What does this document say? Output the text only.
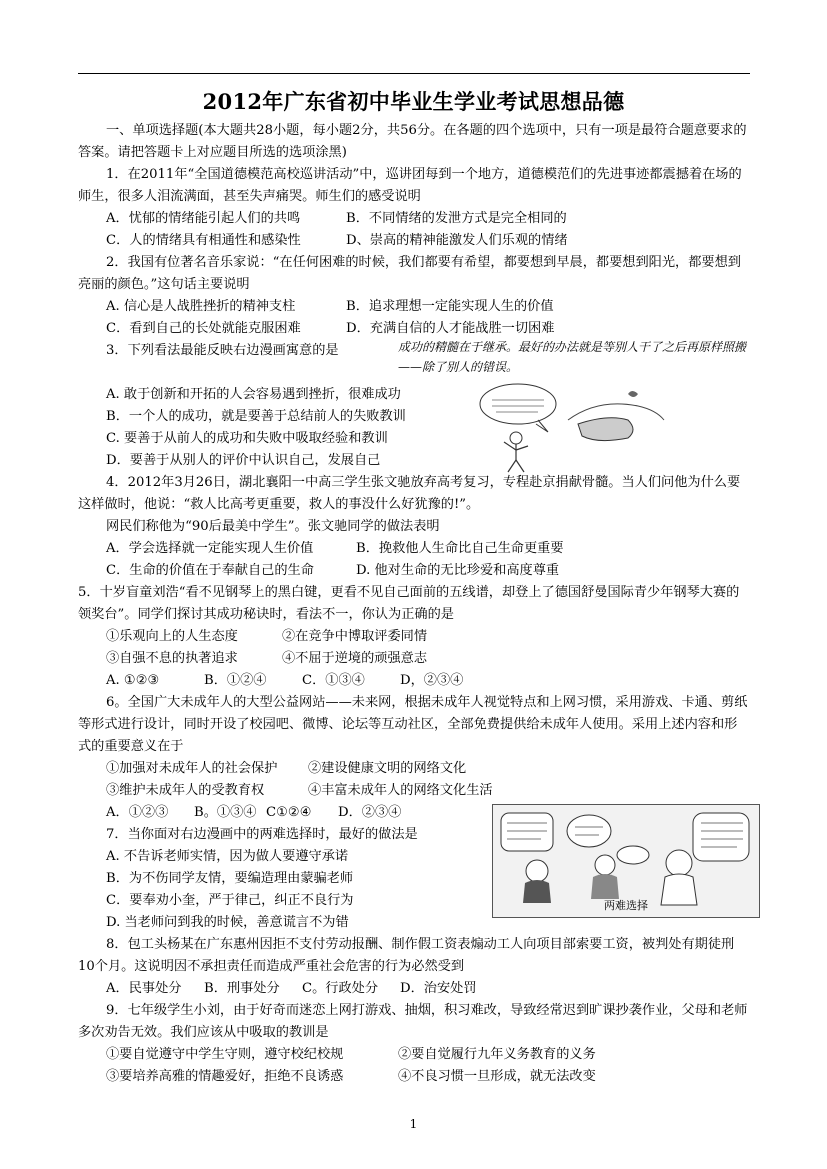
2012年广东省初中毕业生学业考试思想品德

一、单项选择题(本大题共28小题，每小题2分，共56分。在各题的四个选项中，只有一项是最符合题意要求的答案。请把答题卡上对应题目所选的选项涂黑)

1．在2011年“全国道德模范高校巡讲活动”中，巡讲团每到一个地方，道德模范们的先进事迹都震撼着在场的师生，很多人泪流满面，甚至失声痛哭。师生们的感受说明

A．忧郁的情绪能引起人们的共鸣	B．不同情绪的发泄方式是完全相同的
C．人的情绪具有相通性和感染性	D、崇高的精神能激发人们乐观的情绪

2．我国有位著名音乐家说：“在任何困难的时候，我们都要有希望，都要想到早晨，都要想到阳光，都要想到亮丽的颜色。”这句话主要说明

A. 信心是人战胜挫折的精神支柱	B．追求理想一定能实现人生的价值
C．看到自己的长处就能克服困难	D．充满自信的人才能战胜一切困难

3．下列看法最能反映右边漫画寓意的是

A. 敢于创新和开拓的人会容易遇到挫折，很难成功
B．一个人的成功，就是要善于总结前人的失败教训
C. 要善于从前人的成功和失败中吸取经验和教训
D．要善于从别人的评价中认识自己，发展自己

4．2012年3月26日，湖北襄阳一中高三学生张文驰放弃高考复习，专程赴京捐献骨髓。当人们问他为什么要这样做时，他说：“救人比高考更重要，救人的事没什么好犹豫的!”。

网民们称他为“90后最美中学生”。张文驰同学的做法表明

A．学会选择就一定能实现人生价值	B．挽救他人生命比自己生命更重要
C．生命的价值在于奉献自己的生命	D. 他对生命的无比珍爱和高度尊重

5．十岁盲童刘浩“看不见钢琴上的黑白键，更看不见自己面前的五线谱，却登上了德国舒曼国际青少年钢琴大赛的领奖台”。同学们探讨其成功秘诀时，看法不一，你认为正确的是

①乐观向上的人生态度	②在竞争中博取评委同情
③自强不息的执著追求	④不屈于逆境的顽强意志
A. ①②③	B．①②④	C．①③④	D，②③④

6。全国广大未成年人的大型公益网站——未来网，根据未成年人视觉特点和上网习惯，采用游戏、卡通、剪纸等形式进行设计，同时开设了校园吧、微博、论坛等互动社区，全部免费提供给未成年人使用。采用上述内容和形式的重要意义在于

①加强对未成年人的社会保护 ②建设健康文明的网络文化
③维护未成年人的受教育权	④丰富未成年人的网络文化生活
A．①②③ B。①③④ C①②④ D．②③④

7．当你面对右边漫画中的两难选择时，最好的做法是

A. 不告诉老师实情，因为做人要遵守承诺
B．为不伤同学友情，要编造理由蒙骗老师
C．要奉劝小奎，严于律己，纠正不良行为
D. 当老师问到我的时候，善意谎言不为错

8．包工头杨某在广东惠州因拒不支付劳动报酬、制作假工资表煽动工人向项目部索要工资，被判处有期徒刑10个月。这说明因不承担责任而造成严重社会危害的行为必然受到

A．民事处分 B．刑事处分 C。行政处分 D．治安处罚

9．七年级学生小刘，由于好奇而迷恋上网打游戏、抽烟，积习难改，导致经常迟到旷课抄袭作业，父母和老师多次劝告无效。我们应该从中吸取的教训是

①要自觉遵守中学生守则，遵守校纪校规	②要自觉履行九年义务教育的义务
③要培养高雅的情趣爱好，拒绝不良诱惑	④不良习惯一旦形成，就无法改变
成功的精髓在于继承。最好的办法就是等别人干了之后再原样照搬——除了别人的错误。
两难选择
1
